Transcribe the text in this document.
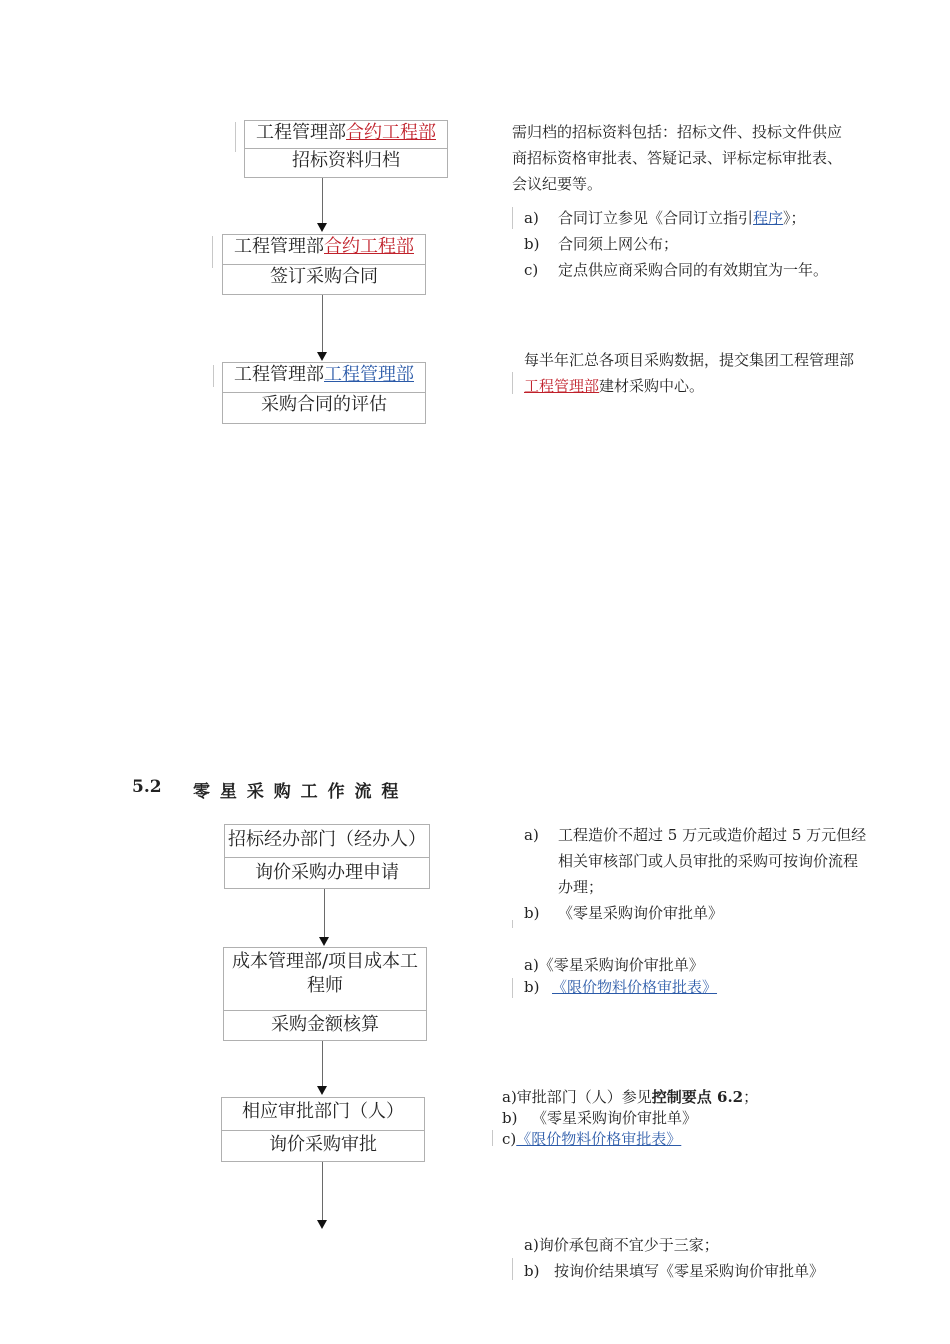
工程管理部合约工程部
招标资料归档
工程管理部合约工程部
签订采购合同
工程管理部工程管理部
采购合同的评估
需归档的招标资料包括：招标文件、投标文件供应商招标资格审批表、答疑记录、评标定标审批表、会议纪要等。
a) 合同订立参见《合同订立指引程序》；
b) 合同须上网公布；
c) 定点供应商采购合同的有效期宜为一年。
每半年汇总各项目采购数据，提交集团工程管理部工程管理部建材采购中心。
5.2 零 星 采 购 工 作 流 程
招标经办部门（经办人）
询价采购办理申请
成本管理部/项目成本工程师
采购金额核算
相应审批部门（人）
询价采购审批
a) 工程造价不超过 5 万元或造价超过 5 万元但经相关审核部门或人员审批的采购可按询价流程办理；
b) 《零星采购询价审批单》
a)《零星采购询价审批单》
b) 《限价物料价格审批表》
a)审批部门（人）参见控制要点 6.2；
b) 《零星采购询价审批单》
c)《限价物料价格审批表》
a)询价承包商不宜少于三家；
b) 按询价结果填写《零星采购询价审批单》
